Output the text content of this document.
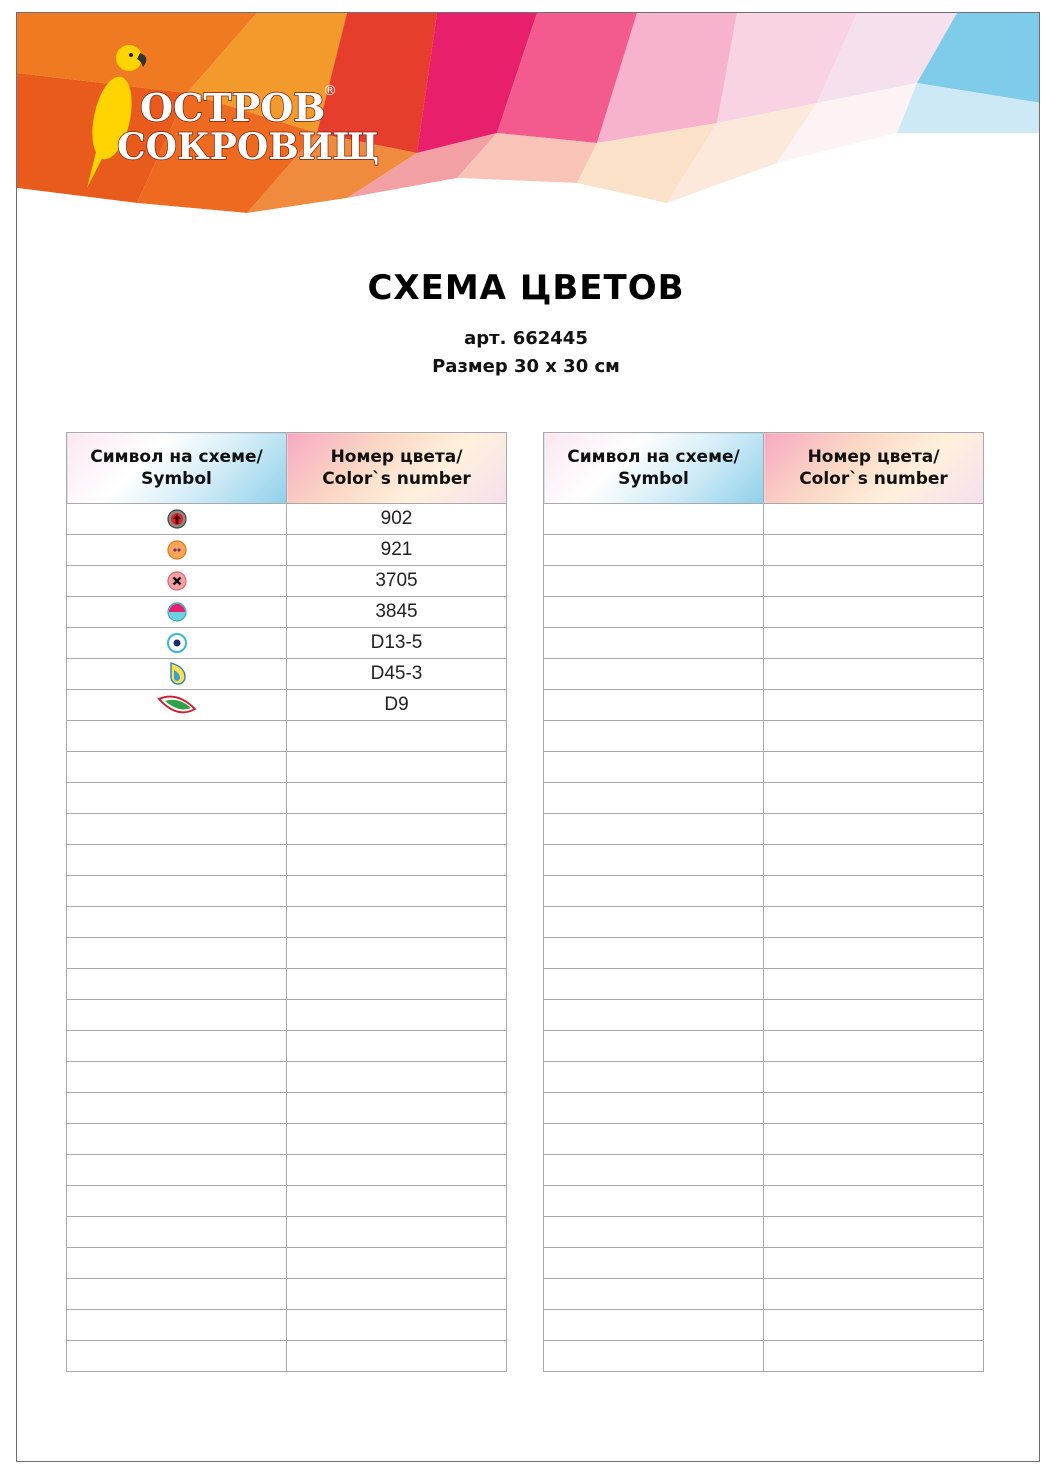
ОСТРОВ
СОКРОВИЩ
®
СХЕМА ЦВЕТОВ
арт. 662445
Размер 30 х 30 см
Символ на схеме/
Symbol	Номер цвета/
Color`s number

	902

	921

	3705

	3845

	D13-5

	D45-3

	D9

Символ на схеме/
Symbol	Номер цвета/
Color`s number
